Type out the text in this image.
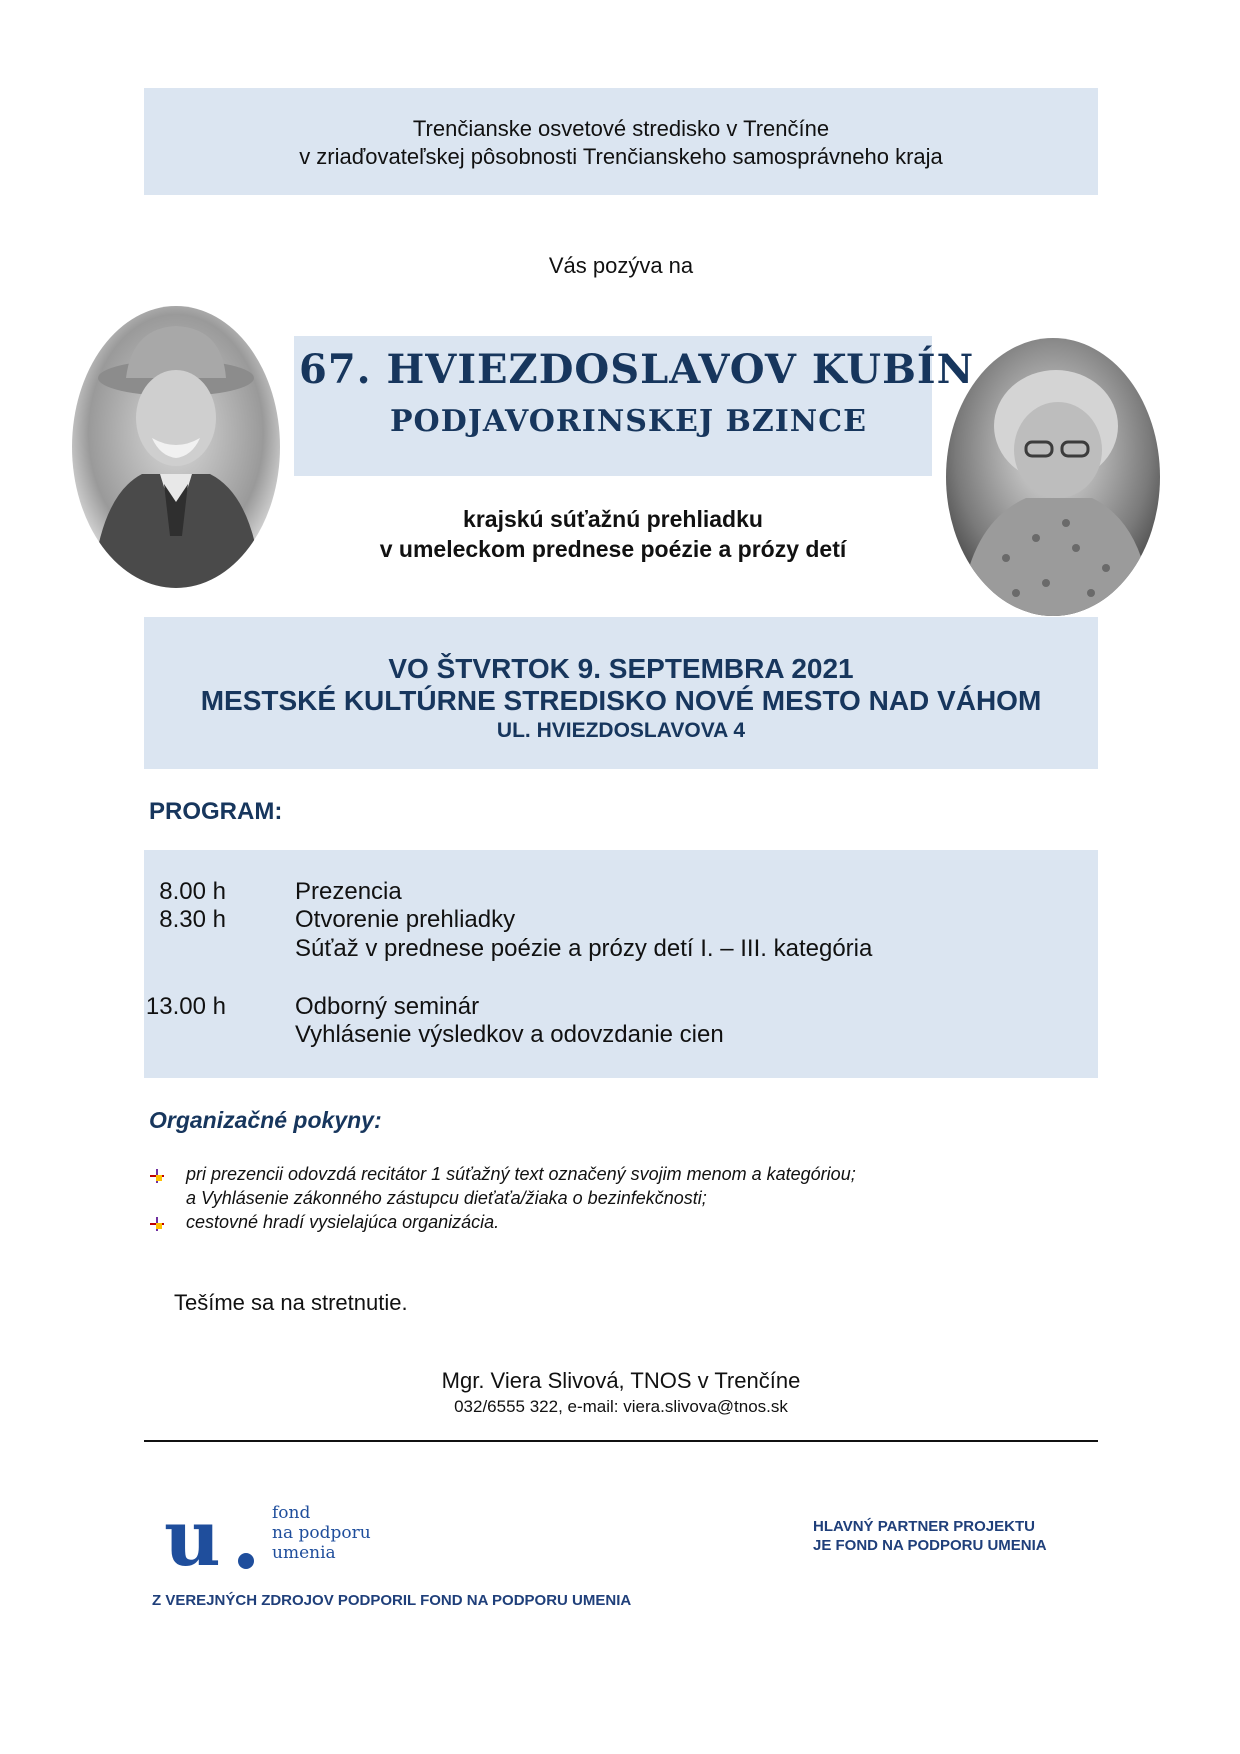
Trenčianske osvetové stredisko v Trenčíne
v zriaďovateľskej pôsobnosti Trenčianskeho samosprávneho kraja
Vás pozýva na
67. HVIEZDOSLAVOV KUBÍN
PODJAVORINSKEJ BZINCE
krajskú súťažnú prehliadku
v umeleckom prednese poézie a prózy detí
VO ŠTVRTOK 9. SEPTEMBRA 2021
MESTSKÉ KULTÚRNE STREDISKO NOVÉ MESTO NAD VÁHOM
UL. HVIEZDOSLAVOVA 4
PROGRAM:
8.00 h	Prezencia
8.30 h	Otvorenie prehliadky
Súťaž v prednese poézie a prózy detí I. – III. kategória
13.00 h	Odborný seminár
Vyhlásenie výsledkov a odovzdanie cien
Organizačné pokyny:
pri prezencii odovzdá recitátor 1 súťažný text označený svojim menom a kategóriou;
a Vyhlásenie zákonného zástupcu dieťaťa/žiaka o bezinfekčnosti;
cestovné hradí vysielajúca organizácia.
Tešíme sa na stretnutie.
Mgr. Viera Slivová, TNOS v Trenčíne
032/6555 322, e-mail: viera.slivova@tnos.sk
u	fond
na podporu
umenia
HLAVNÝ PARTNER PROJEKTU
JE FOND NA PODPORU UMENIA
Z VEREJNÝCH ZDROJOV PODPORIL FOND NA PODPORU UMENIA
